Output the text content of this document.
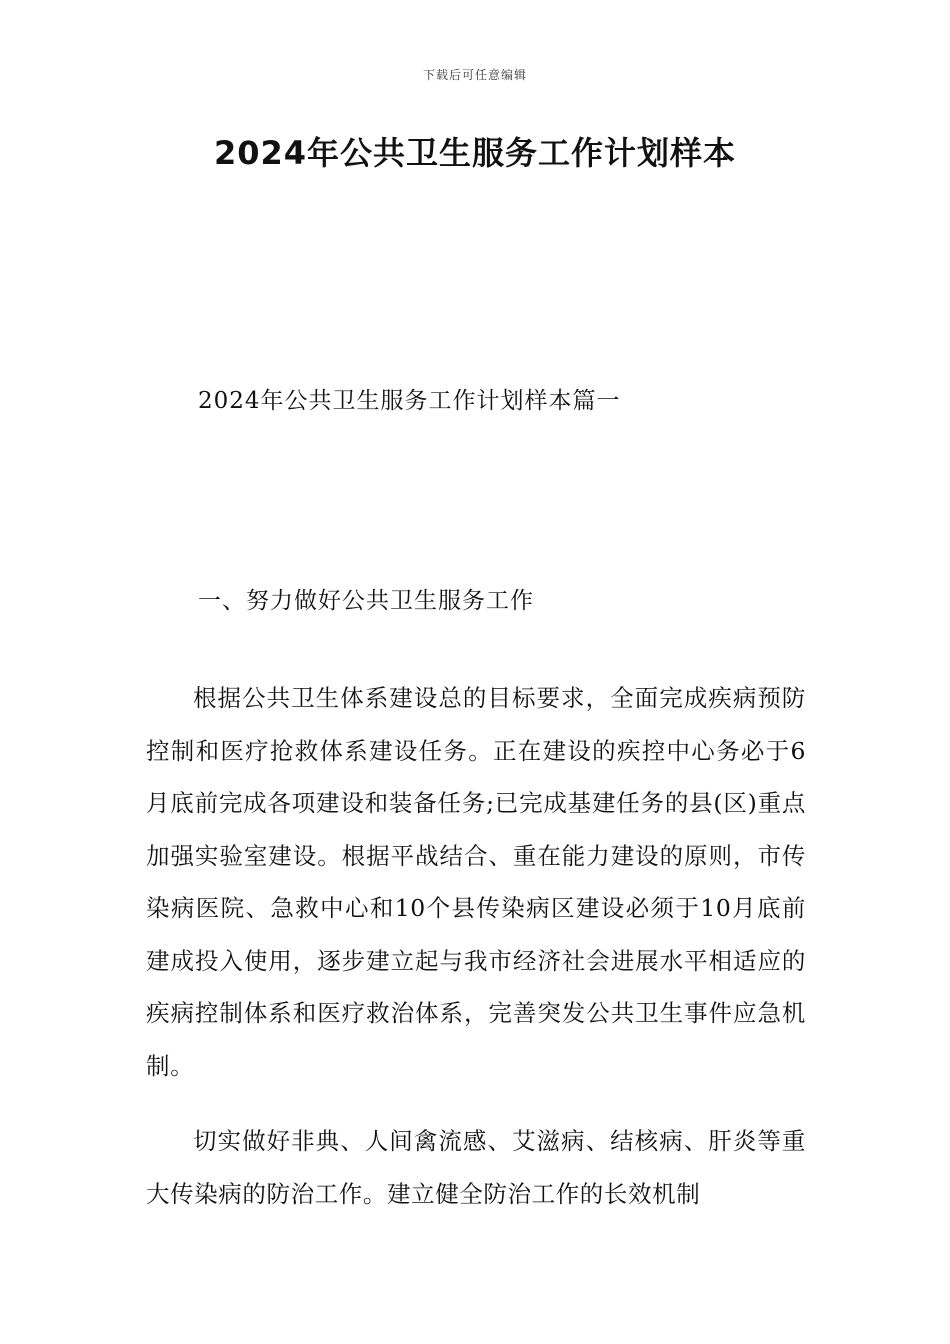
下载后可任意编辑
2024年公共卫生服务工作计划样本
2024年公共卫生服务工作计划样本篇一
一、努力做好公共卫生服务工作

根据公共卫生体系建设总的目标要求，全面完成疾病预防控制和医疗抢救体系建设任务。正在建设的疾控中心务必于6月底前完成各项建设和装备任务;已完成基建任务的县(区)重点加强实验室建设。根据平战结合、重在能力建设的原则，市传染病医院、急救中心和10个县传染病区建设必须于10月底前建成投入使用，逐步建立起与我市经济社会进展水平相适应的疾病控制体系和医疗救治体系，完善突发公共卫生事件应急机制。

切实做好非典、人间禽流感、艾滋病、结核病、肝炎等重大传染病的防治工作。建立健全防治工作的长效机制
